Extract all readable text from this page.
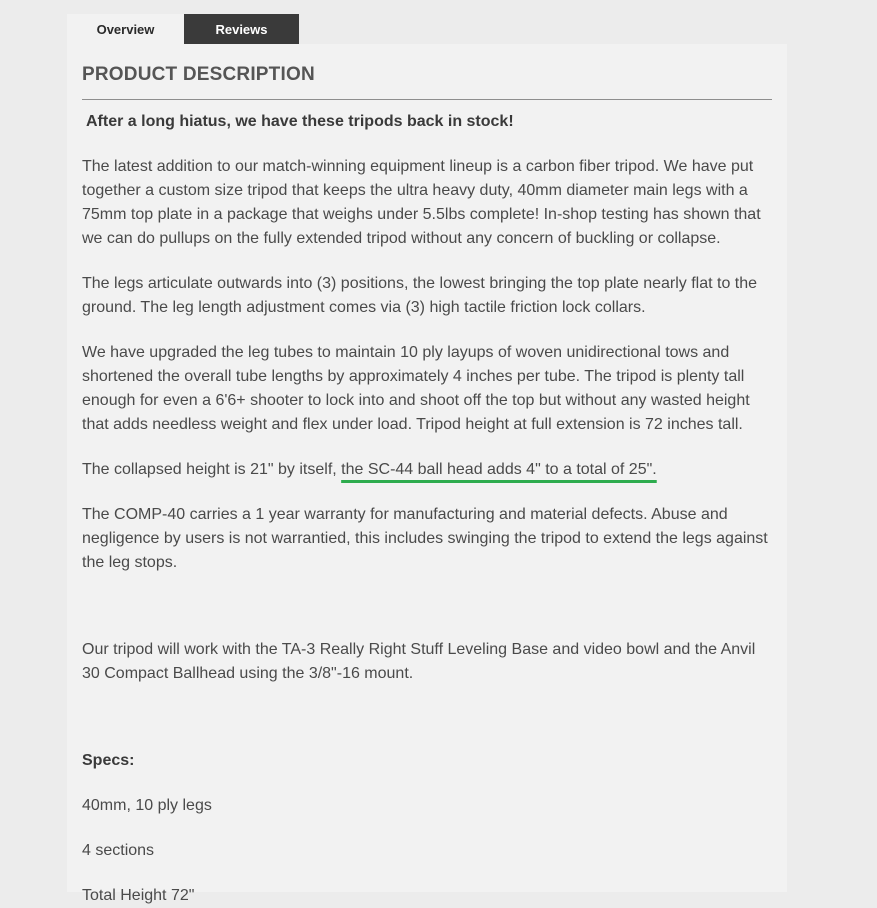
Overview	Reviews
PRODUCT DESCRIPTION

After a long hiatus, we have these tripods back in stock!

The latest addition to our match-winning equipment lineup is a carbon fiber tripod. We have put together a custom size tripod that keeps the ultra heavy duty, 40mm diameter main legs with a 75mm top plate in a package that weighs under 5.5lbs complete! In-shop testing has shown that we can do pullups on the fully extended tripod without any concern of buckling or collapse.

The legs articulate outwards into (3) positions, the lowest bringing the top plate nearly flat to the ground. The leg length adjustment comes via (3) high tactile friction lock collars.

We have upgraded the leg tubes to maintain 10 ply layups of woven unidirectional tows and shortened the overall tube lengths by approximately 4 inches per tube. The tripod is plenty tall enough for even a 6'6+ shooter to lock into and shoot off the top but without any wasted height that adds needless weight and flex under load. Tripod height at full extension is 72 inches tall.

The collapsed height is 21" by itself, the SC-44 ball head adds 4" to a total of 25".

The COMP-40 carries a 1 year warranty for manufacturing and material defects. Abuse and negligence by users is not warrantied, this includes swinging the tripod to extend the legs against the leg stops.

Our tripod will work with the TA-3 Really Right Stuff Leveling Base and video bowl and the Anvil 30 Compact Ballhead using the 3/8"-16 mount.

Specs:

40mm, 10 ply legs

4 sections

Total Height 72"
